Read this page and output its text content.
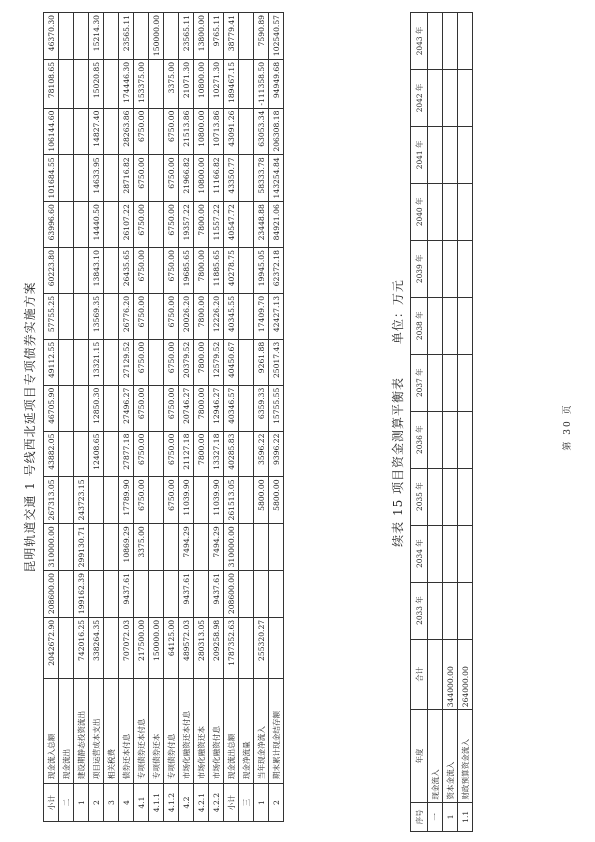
昆明轨道交通 1 号线西北延项目专项债券实施方案
小计	现金流入总额	2042672.90	208600.00	310000.00	267313.05	43882.05	46705.90	49112.55	57755.25	60223.80	63996.60	101684.55	106144.60	78108.65	46370.30
二	现金流出														
1	建设期静态投资流出	742016.25	199162.39	299130.71	243723.15										
2	项目运营成本支出	338264.35				12408.65	12850.30	13321.15	13569.35	13843.10	14440.50	14633.95	14827.40	15020.85	15214.30
3	相关税费														
4	债券还本付息	707072.03	9437.61	10869.29	17789.90	27877.18	27496.27	27129.52	26776.20	26435.65	26107.22	28716.82	28263.86	174446.30	23565.11
4.1	专项债券还本付息	217500.00		3375.00	6750.00	6750.00	6750.00	6750.00	6750.00	6750.00	6750.00	6750.00	6750.00	153375.00	
4.1.1	专项债券还本	150000.00													150000.00
4.1.2	专项债券付息	64125.00			6750.00	6750.00	6750.00	6750.00	6750.00	6750.00	6750.00	6750.00	6750.00	3375.00	
4.2	市场化融资还本付息	489572.03	9437.61	7494.29	11039.90	21127.18	20746.27	20379.52	20026.20	19685.65	19357.22	21966.82	21513.86	21071.30	23565.11
4.2.1	市场化融资还本	280313.05				7800.00	7800.00	7800.00	7800.00	7800.00	7800.00	10800.00	10800.00	10800.00	13800.00
4.2.2	市场化融资付息	209258.98	9437.61	7494.29	11039.90	13327.18	12946.27	12579.52	12226.20	11885.65	11557.22	11166.82	10713.86	10271.30	9765.11
小计	现金流出总额	1787352.63	208600.00	310000.00	261513.05	40285.83	40346.57	40450.67	40345.55	40278.75	40547.72	43350.77	43091.26	189467.15	38779.41
三	现金净流量														
1	当年现金净流入	255320.27			5800.00	3596.22	6359.33	9261.88	17409.70	19945.05	23448.88	58333.78	63053.34	-111358.50	7590.89
2	期末累计现金结存额				5800.00	9396.22	15755.55	25017.43	42427.13	62372.18	84921.06	143254.84	206308.18	94949.68	102540.57
续表 15 项目资金测算平衡表 单位：万元
序号	年度	合计	2033 年	2034 年	2035 年	2036 年	2037 年	2038 年	2039 年	2040 年	2041 年	2042 年	2043 年
一	现金流入												
1	资本金流入	344000.00											
1.1	财政预算资金流入	264000.00											
第 30 页
